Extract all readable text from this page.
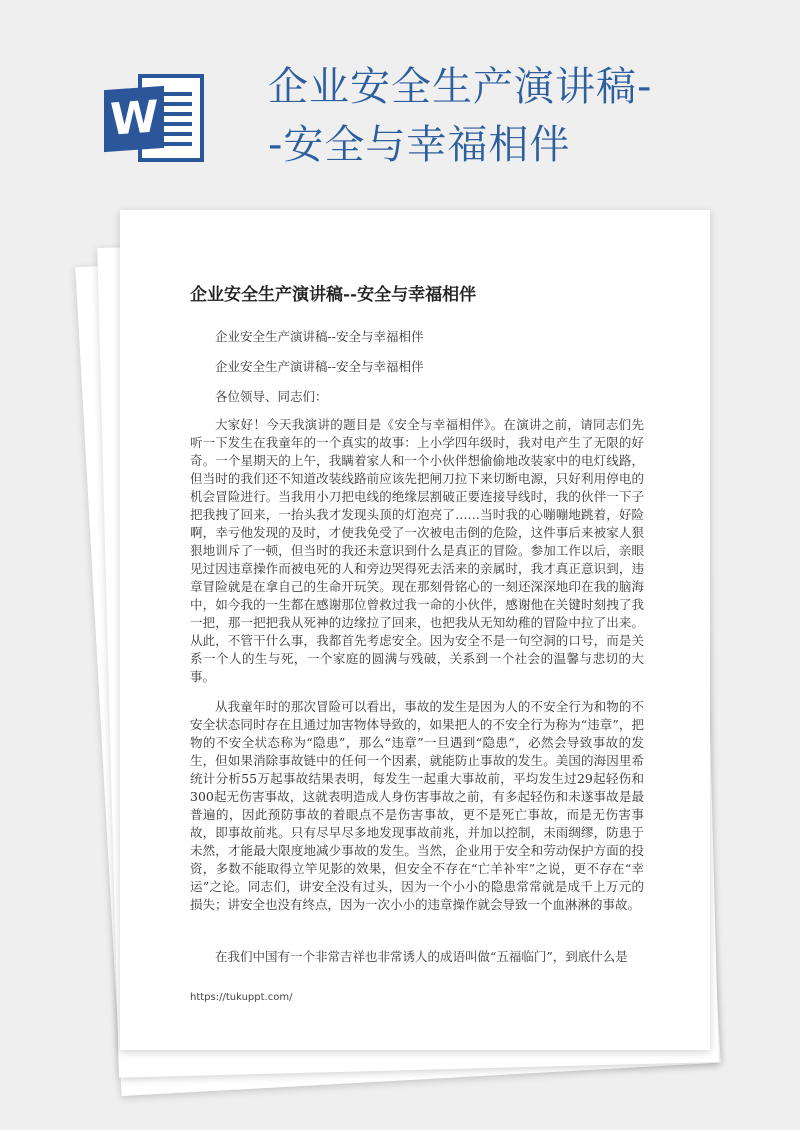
W
企业安全生产演讲稿-
-安全与幸福相伴
企业安全生产演讲稿--安全与幸福相伴
企业安全生产演讲稿--安全与幸福相伴
企业安全生产演讲稿--安全与幸福相伴
各位领导、同志们：
大家好！今天我演讲的题目是《安全与幸福相伴》。在演讲之前，请同志们先听一下发生在我童年的一个真实的故事：上小学四年级时，我对电产生了无限的好奇。一个星期天的上午，我瞒着家人和一个小伙伴想偷偷地改装家中的电灯线路，但当时的我们还不知道改装线路前应该先把闸刀拉下来切断电源，只好利用停电的机会冒险进行。当我用小刀把电线的绝缘层割破正要连接导线时，我的伙伴一下子把我拽了回来，一抬头我才发现头顶的灯泡亮了……当时我的心嘣嘣地跳着，好险啊，幸亏他发现的及时，才使我免受了一次被电击倒的危险，这件事后来被家人狠狠地训斥了一顿，但当时的我还未意识到什么是真正的冒险。参加工作以后，亲眼见过因违章操作而被电死的人和旁边哭得死去活来的亲属时，我才真正意识到，违章冒险就是在拿自己的生命开玩笑。现在那刻骨铭心的一刻还深深地印在我的脑海中，如今我的一生都在感谢那位曾救过我一命的小伙伴，感谢他在关键时刻拽了我一把，那一把把我从死神的边缘拉了回来，也把我从无知幼稚的冒险中拉了出来。从此，不管干什么事，我都首先考虑安全。因为安全不是一句空洞的口号，而是关系一个人的生与死，一个家庭的圆满与残破，关系到一个社会的温馨与悲切的大事。
从我童年时的那次冒险可以看出，事故的发生是因为人的不安全行为和物的不安全状态同时存在且通过加害物体导致的，如果把人的不安全行为称为“违章”，把物的不安全状态称为“隐患”，那么“违章”一旦遇到“隐患”，必然会导致事故的发生，但如果消除事故链中的任何一个因素，就能防止事故的发生。美国的海因里希统计分析55万起事故结果表明，每发生一起重大事故前，平均发生过29起轻伤和300起无伤害事故，这就表明造成人身伤害事故之前，有多起轻伤和未遂事故是最普遍的，因此预防事故的着眼点不是伤害事故，更不是死亡事故，而是无伤害事故，即事故前兆。只有尽早尽多地发现事故前兆，并加以控制，未雨绸缪，防患于未然，才能最大限度地减少事故的发生。当然，企业用于安全和劳动保护方面的投资，多数不能取得立竿见影的效果，但安全不存在“亡羊补牢”之说，更不存在“幸运”之论。同志们，讲安全没有过头，因为一个小小的隐患常常就是成千上万元的损失；讲安全也没有终点，因为一次小小的违章操作就会导致一个血淋淋的事故。
在我们中国有一个非常吉祥也非常诱人的成语叫做“五福临门”，到底什么是
https://tukuppt.com/
